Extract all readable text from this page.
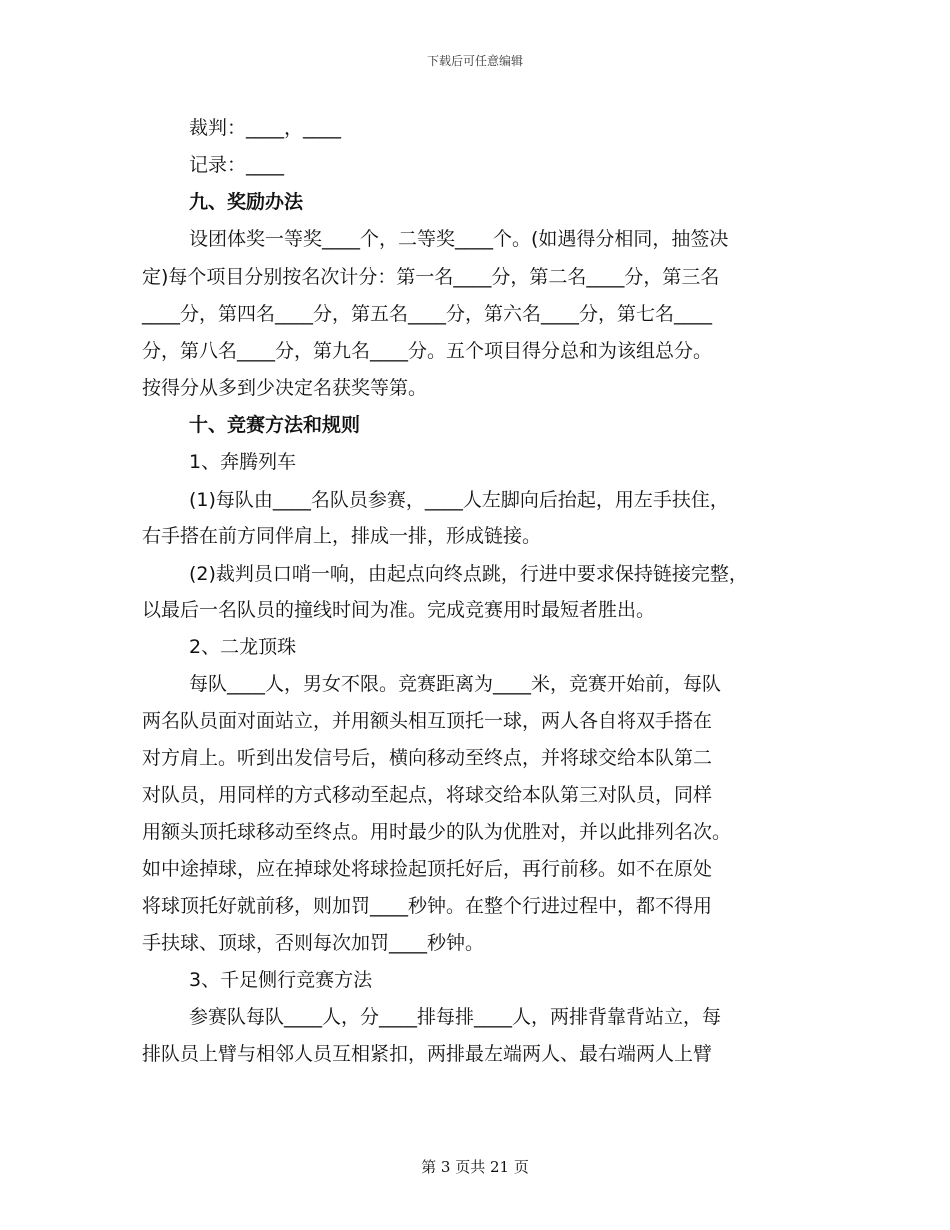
下载后可任意编辑
裁判：____，____
记录：____
九、奖励办法
设团体奖一等奖____个，二等奖____个。(如遇得分相同，抽签决
定)每个项目分别按名次计分：第一名____分，第二名____分，第三名
____分，第四名____分，第五名____分，第六名____分，第七名____
分，第八名____分，第九名____分。五个项目得分总和为该组总分。
按得分从多到少决定名获奖等第。
十、竞赛方法和规则
1、奔腾列车
(1)每队由____名队员参赛，____人左脚向后抬起，用左手扶住，
右手搭在前方同伴肩上，排成一排，形成链接。
(2)裁判员口哨一响，由起点向终点跳，行进中要求保持链接完整，
以最后一名队员的撞线时间为准。完成竞赛用时最短者胜出。
2、二龙顶珠
每队____人，男女不限。竞赛距离为____米，竞赛开始前，每队
两名队员面对面站立，并用额头相互顶托一球，两人各自将双手搭在
对方肩上。听到出发信号后，横向移动至终点，并将球交给本队第二
对队员，用同样的方式移动至起点，将球交给本队第三对队员，同样
用额头顶托球移动至终点。用时最少的队为优胜对，并以此排列名次。
如中途掉球，应在掉球处将球捡起顶托好后，再行前移。如不在原处
将球顶托好就前移，则加罚____秒钟。在整个行进过程中，都不得用
手扶球、顶球，否则每次加罚____秒钟。
3、千足侧行竞赛方法
参赛队每队____人，分____排每排____人，两排背靠背站立，每
排队员上臂与相邻人员互相紧扣，两排最左端两人、最右端两人上臂
第 3 页共 21 页
